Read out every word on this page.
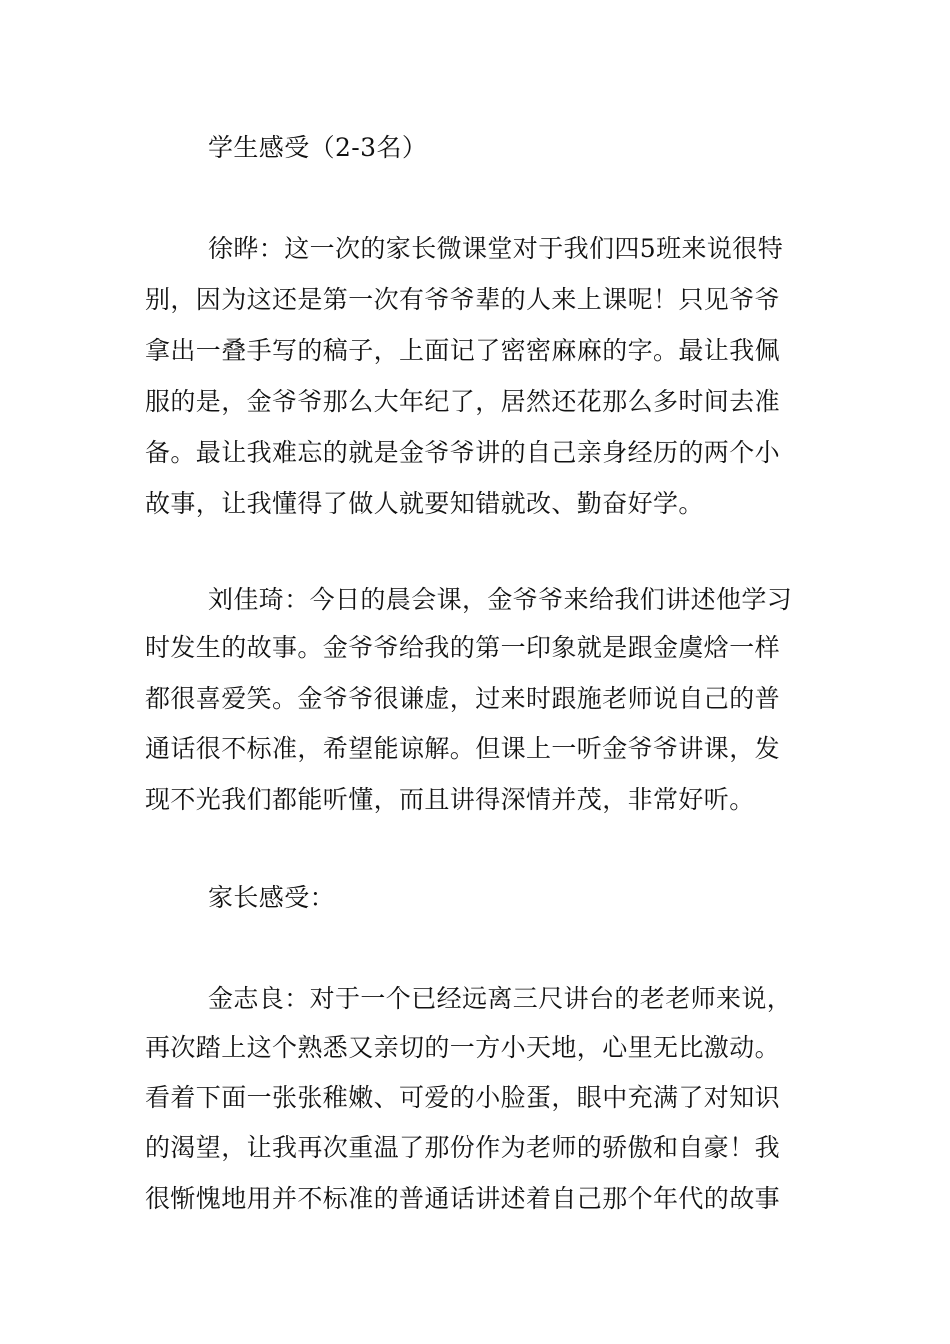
学生感受（2-3名）
徐晔：这一次的家长微课堂对于我们四5班来说很特
别，因为这还是第一次有爷爷辈的人来上课呢！只见爷爷
拿出一叠手写的稿子，上面记了密密麻麻的字。最让我佩
服的是，金爷爷那么大年纪了，居然还花那么多时间去准
备。最让我难忘的就是金爷爷讲的自己亲身经历的两个小
故事，让我懂得了做人就要知错就改、勤奋好学。
刘佳琦：今日的晨会课，金爷爷来给我们讲述他学习
时发生的故事。金爷爷给我的第一印象就是跟金虞焓一样
都很喜爱笑。金爷爷很谦虚，过来时跟施老师说自己的普
通话很不标准，希望能谅解。但课上一听金爷爷讲课，发
现不光我们都能听懂，而且讲得深情并茂，非常好听。
家长感受：
金志良：对于一个已经远离三尺讲台的老老师来说，
再次踏上这个熟悉又亲切的一方小天地，心里无比激动。
看着下面一张张稚嫩、可爱的小脸蛋，眼中充满了对知识
的渴望，让我再次重温了那份作为老师的骄傲和自豪！我
很惭愧地用并不标准的普通话讲述着自己那个年代的故事
